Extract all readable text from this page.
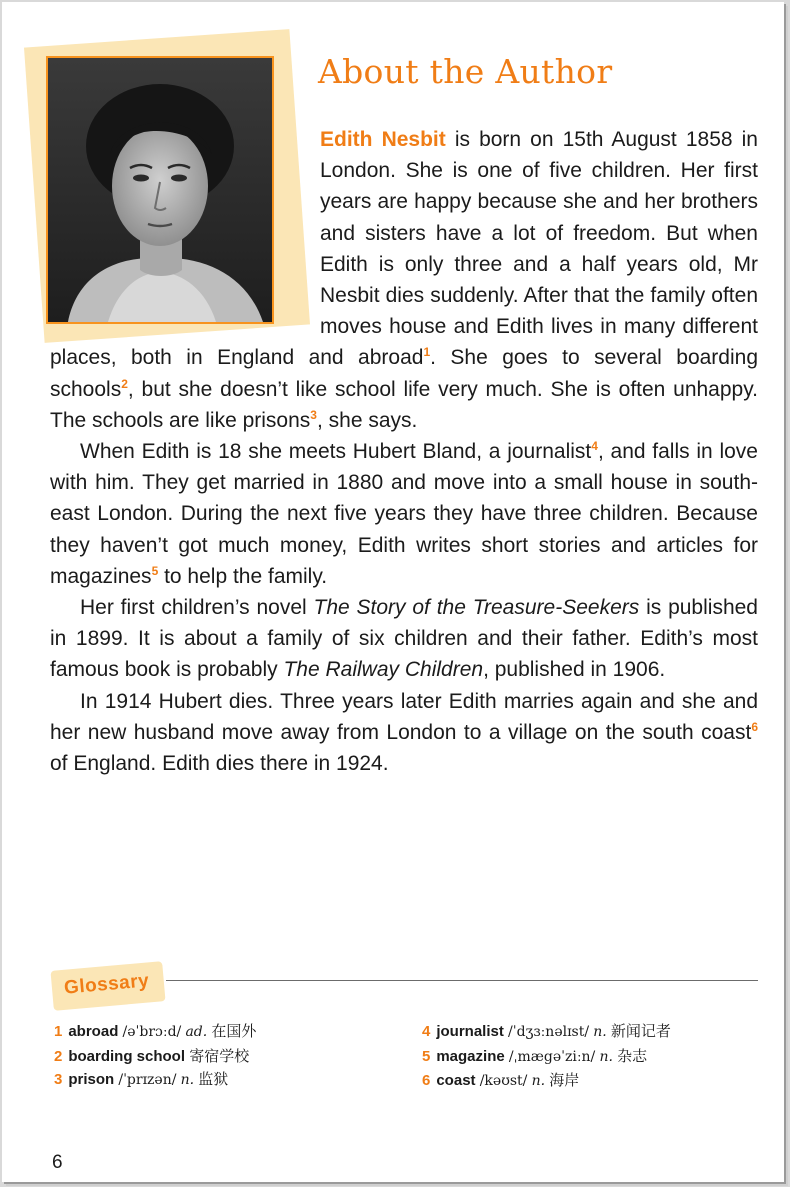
About the Author

Edith Nesbit is born on 15th August 1858 in London. She is one of five children. Her first years are happy because she and her brothers and sisters have a lot of freedom. But when Edith is only three and a half years old, Mr Nesbit dies suddenly. After that the family often moves house and Edith lives in many different places, both in England and abroad$^1$. She goes to several boarding schools$^2$, but she doesn’t like school life very much. She is often unhappy. The schools are like prisons$^3$, she says.

When Edith is 18 she meets Hubert Bland, a journalist$^4$, and falls in love with him. They get married in 1880 and move into a small house in south-east London. During the next five years they have three children. Because they haven’t got much money, Edith writes short stories and articles for magazines$^5$ to help the family.

Her first children’s novel The Story of the Treasure-Seekers is published in 1899. It is about a family of six children and their father. Edith’s most famous book is probably The Railway Children, published in 1906.

In 1914 Hubert dies. Three years later Edith marries again and she and her new husband move away from London to a village on the south coast$^6$ of England. Edith dies there in 1924.

Glossary
1 abroad /əˈbrɔːd/ ad. 在国外
2 boarding school 寄宿学校
3 prison /ˈprɪzən/ n. 监狱
4 journalist /ˈdʒɜːnəlɪst/ n. 新闻记者
5 magazine /ˌmægəˈziːn/ n. 杂志
6 coast /kəʊst/ n. 海岸
6
